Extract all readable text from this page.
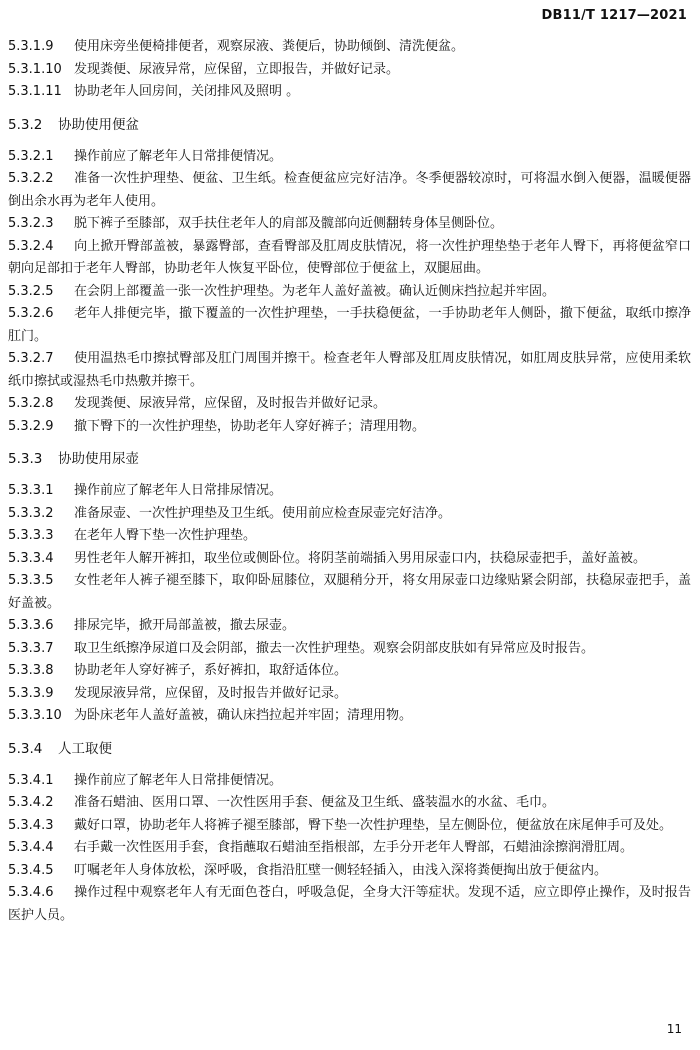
DB11/T 1217—2021

5.3.1.9 使用床旁坐便椅排便者，观察尿液、粪便后，协助倾倒、清洗便盆。

5.3.1.10 发现粪便、尿液异常，应保留，立即报告，并做好记录。

5.3.1.11 协助老年人回房间，关闭排风及照明 。

5.3.2 协助使用便盆

5.3.2.1 操作前应了解老年人日常排便情况。

5.3.2.2 准备一次性护理垫、便盆、卫生纸。检查便盆应完好洁净。冬季便器较凉时，可将温水倒入便器，温暖便器倒出余水再为老年人使用。

5.3.2.3 脱下裤子至膝部，双手扶住老年人的肩部及髋部向近侧翻转身体呈侧卧位。

5.3.2.4 向上掀开臀部盖被，暴露臀部，查看臀部及肛周皮肤情况，将一次性护理垫垫于老年人臀下，再将便盆窄口朝向足部扣于老年人臀部，协助老年人恢复平卧位，使臀部位于便盆上，双腿屈曲。

5.3.2.5 在会阴上部覆盖一张一次性护理垫。为老年人盖好盖被。确认近侧床挡拉起并牢固。

5.3.2.6 老年人排便完毕，撤下覆盖的一次性护理垫，一手扶稳便盆，一手协助老年人侧卧，撤下便盆，取纸巾擦净肛门。

5.3.2.7 使用温热毛巾擦拭臀部及肛门周围并擦干。检查老年人臀部及肛周皮肤情况，如肛周皮肤异常，应使用柔软纸巾擦拭或湿热毛巾热敷并擦干。

5.3.2.8 发现粪便、尿液异常，应保留，及时报告并做好记录。

5.3.2.9 撤下臀下的一次性护理垫，协助老年人穿好裤子；清理用物。

5.3.3 协助使用尿壶

5.3.3.1 操作前应了解老年人日常排尿情况。

5.3.3.2 准备尿壶、一次性护理垫及卫生纸。使用前应检查尿壶完好洁净。

5.3.3.3 在老年人臀下垫一次性护理垫。

5.3.3.4 男性老年人解开裤扣，取坐位或侧卧位。将阴茎前端插入男用尿壶口内，扶稳尿壶把手，盖好盖被。

5.3.3.5 女性老年人裤子褪至膝下，取仰卧屈膝位，双腿稍分开，将女用尿壶口边缘贴紧会阴部，扶稳尿壶把手，盖好盖被。

5.3.3.6 排尿完毕，掀开局部盖被，撤去尿壶。

5.3.3.7 取卫生纸擦净尿道口及会阴部，撤去一次性护理垫。观察会阴部皮肤如有异常应及时报告。

5.3.3.8 协助老年人穿好裤子，系好裤扣，取舒适体位。

5.3.3.9 发现尿液异常，应保留，及时报告并做好记录。

5.3.3.10 为卧床老年人盖好盖被，确认床挡拉起并牢固；清理用物。

5.3.4 人工取便

5.3.4.1 操作前应了解老年人日常排便情况。

5.3.4.2 准备石蜡油、医用口罩、一次性医用手套、便盆及卫生纸、盛装温水的水盆、毛巾。

5.3.4.3 戴好口罩，协助老年人将裤子褪至膝部，臀下垫一次性护理垫，呈左侧卧位，便盆放在床尾伸手可及处。

5.3.4.4 右手戴一次性医用手套，食指蘸取石蜡油至指根部，左手分开老年人臀部，石蜡油涂擦润滑肛周。

5.3.4.5 叮嘱老年人身体放松，深呼吸，食指沿肛壁一侧轻轻插入，由浅入深将粪便掏出放于便盆内。

5.3.4.6 操作过程中观察老年人有无面色苍白，呼吸急促，全身大汗等症状。发现不适，应立即停止操作，及时报告医护人员。

11
